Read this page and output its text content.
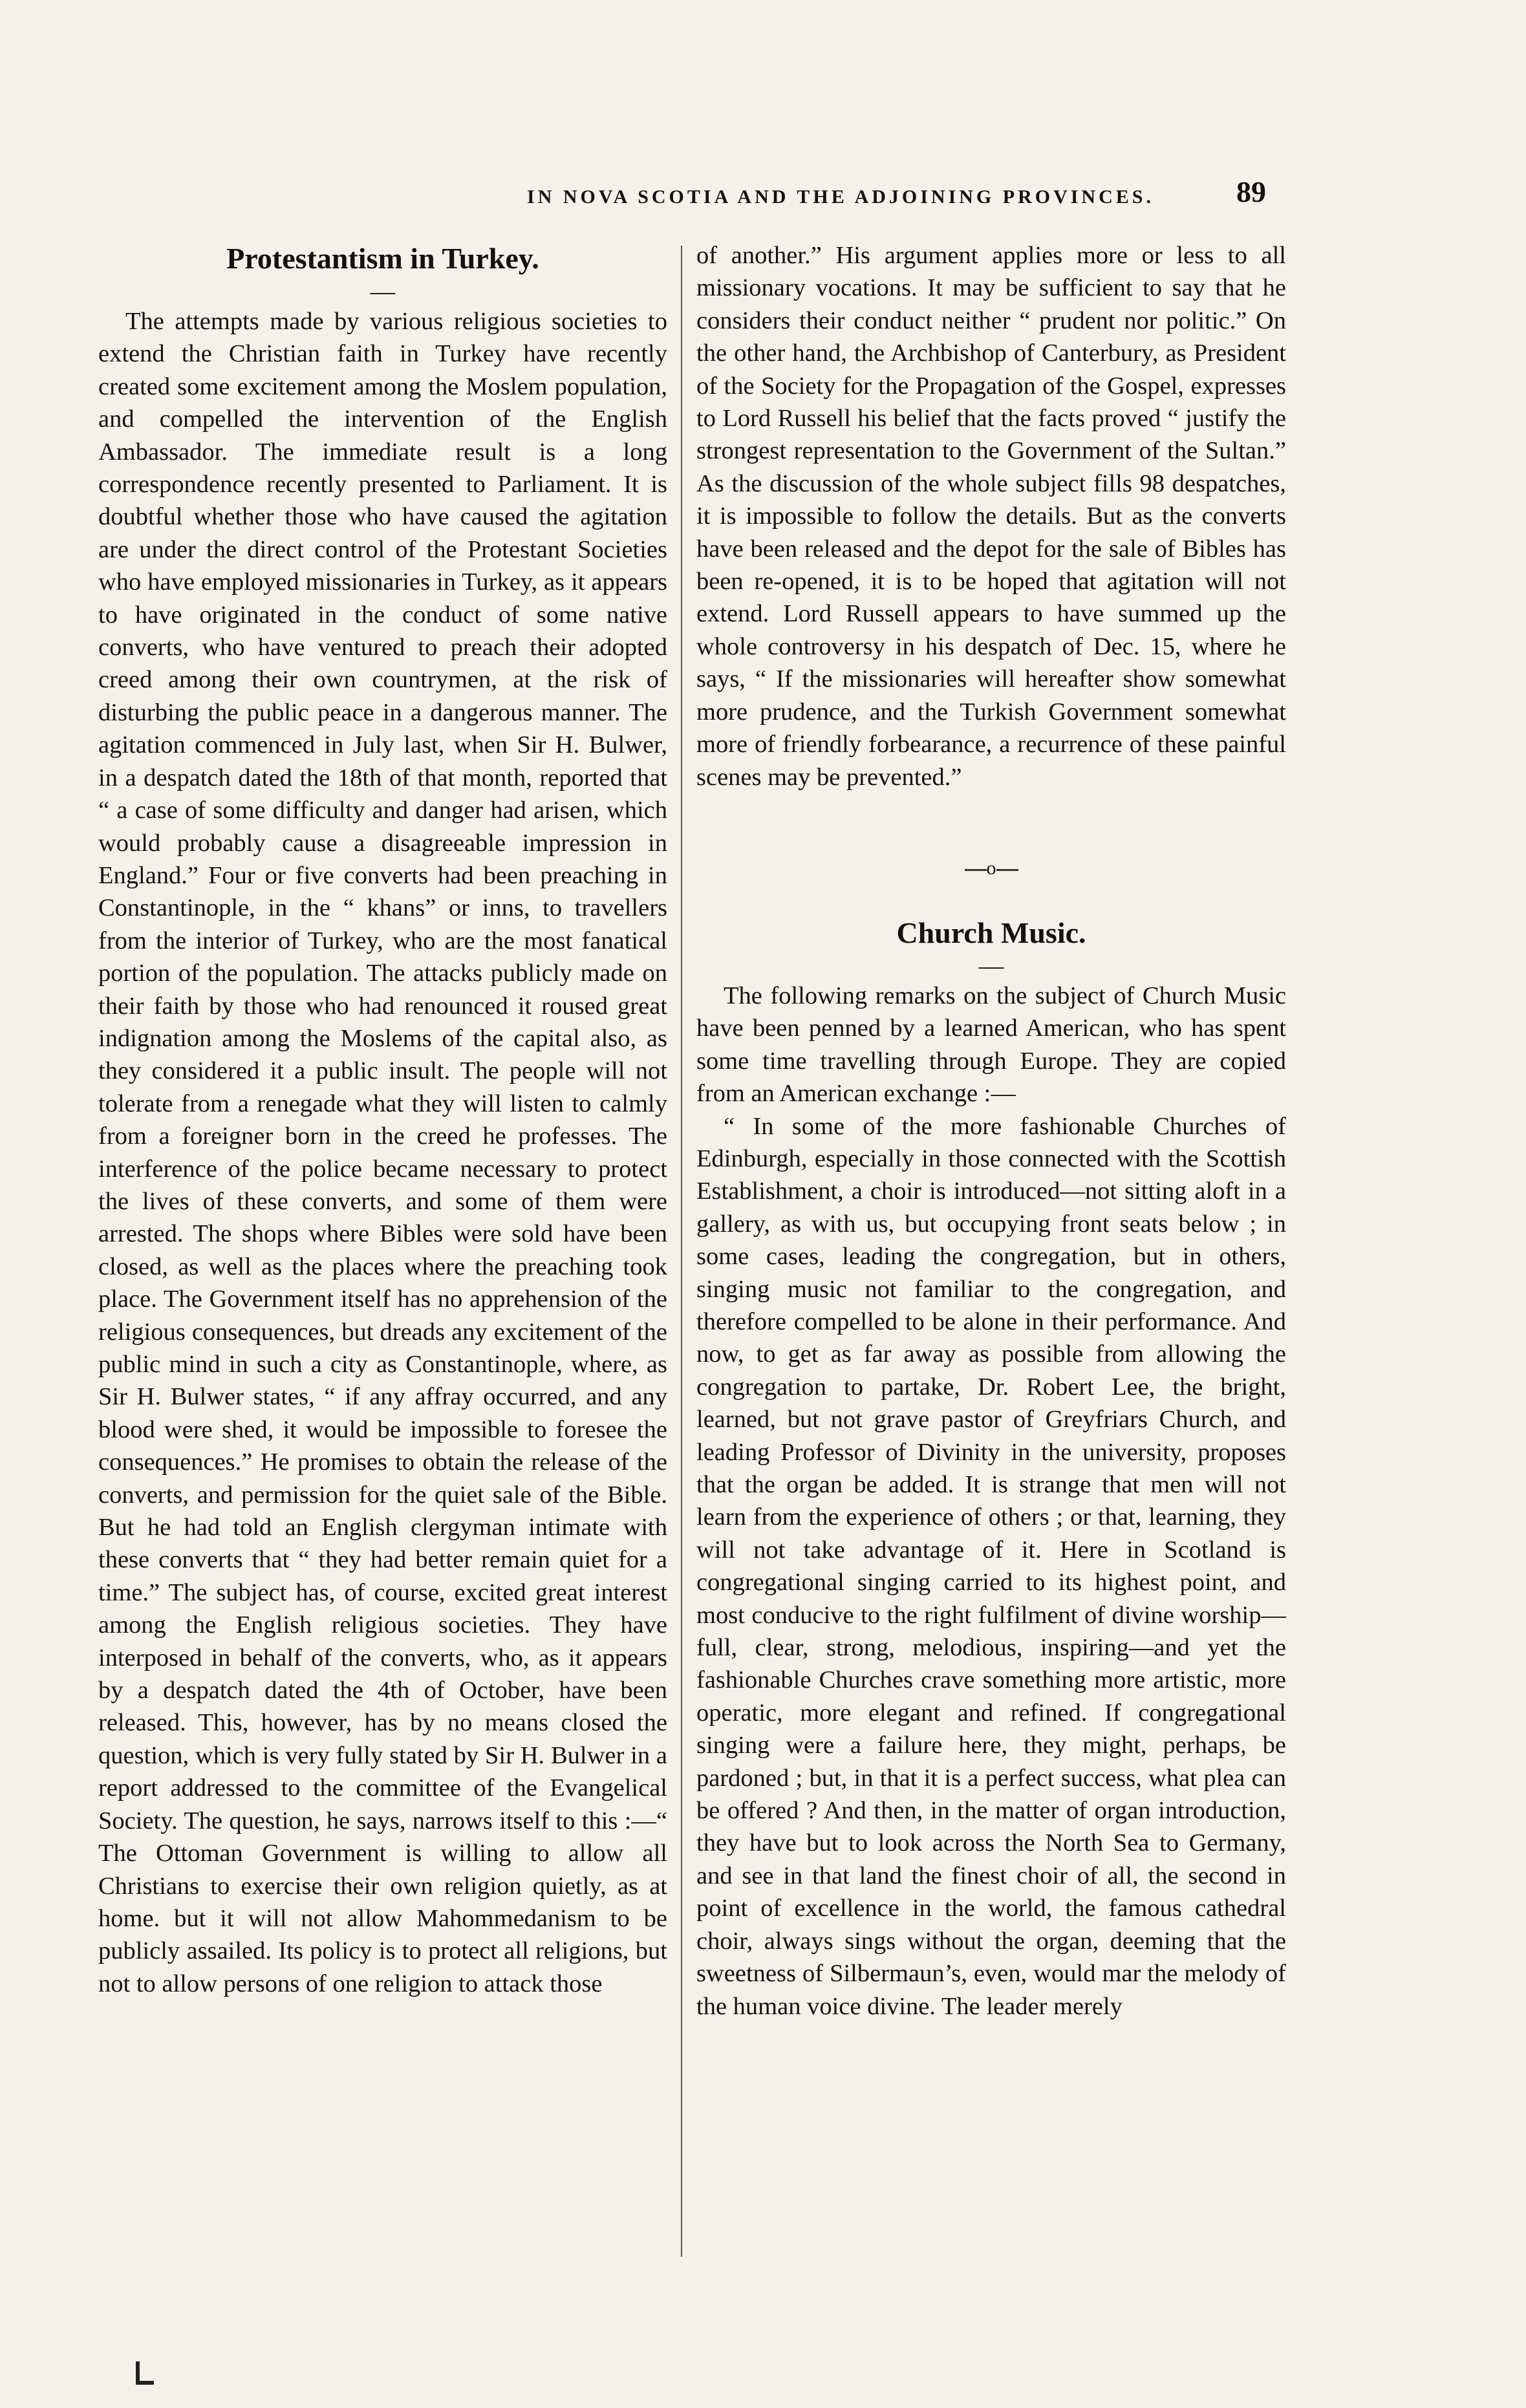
IN NOVA SCOTIA AND THE ADJOINING PROVINCES.	89
Protestantism in Turkey.

—

The attempts made by various religious societies to extend the Christian faith in Turkey have recently created some excitement among the Moslem population, and compelled the intervention of the English Ambassador. The immediate result is a long correspondence recently presented to Parliament. It is doubtful whether those who have caused the agitation are under the direct control of the Protestant Societies who have employed missionaries in Turkey, as it appears to have originated in the conduct of some native converts, who have ventured to preach their adopted creed among their own countrymen, at the risk of disturbing the public peace in a dangerous manner. The agitation commenced in July last, when Sir H. Bulwer, in a despatch dated the 18th of that month, reported that “ a case of some difficulty and danger had arisen, which would probably cause a disagreeable impression in England.” Four or five converts had been preaching in Constantinople, in the “ khans” or inns, to travellers from the interior of Turkey, who are the most fanatical portion of the population. The attacks publicly made on their faith by those who had renounced it roused great indignation among the Moslems of the capital also, as they considered it a public insult. The people will not tolerate from a renegade what they will listen to calmly from a foreigner born in the creed he professes. The interference of the police became necessary to protect the lives of these converts, and some of them were arrested. The shops where Bibles were sold have been closed, as well as the places where the preaching took place. The Government itself has no apprehension of the religious consequences, but dreads any excitement of the public mind in such a city as Constantinople, where, as Sir H. Bulwer states, “ if any affray occurred, and any blood were shed, it would be impossible to foresee the consequences.” He promises to obtain the release of the converts, and permission for the quiet sale of the Bible. But he had told an English clergyman intimate with these converts that “ they had better remain quiet for a time.” The subject has, of course, excited great interest among the English religious societies. They have interposed in behalf of the converts, who, as it appears by a despatch dated the 4th of October, have been released. This, however, has by no means closed the question, which is very fully stated by Sir H. Bulwer in a report addressed to the committee of the Evangelical Society. The question, he says, narrows itself to this :—“ The Ottoman Government is willing to allow all Christians to exercise their own religion quietly, as at home. but it will not allow Mahommedanism to be publicly assailed. Its policy is to protect all religions, but not to allow persons of one religion to attack those

of another.” His argument applies more or less to all missionary vocations. It may be sufficient to say that he considers their conduct neither “ prudent nor politic.” On the other hand, the Archbishop of Canterbury, as President of the Society for the Propagation of the Gospel, expresses to Lord Russell his belief that the facts proved “ justify the strongest representation to the Government of the Sultan.” As the discussion of the whole subject fills 98 despatches, it is impossible to follow the details. But as the converts have been released and the depot for the sale of Bibles has been re-opened, it is to be hoped that agitation will not extend. Lord Russell appears to have summed up the whole controversy in his despatch of Dec. 15, where he says, “ If the missionaries will hereafter show somewhat more prudence, and the Turkish Government somewhat more of friendly forbearance, a recurrence of these painful scenes may be prevented.”

o

Church Music.

—

The following remarks on the subject of Church Music have been penned by a learned American, who has spent some time travelling through Europe. They are copied from an American exchange :—

“ In some of the more fashionable Churches of Edinburgh, especially in those connected with the Scottish Establishment, a choir is introduced—not sitting aloft in a gallery, as with us, but occupying front seats below ; in some cases, leading the congregation, but in others, singing music not familiar to the congregation, and therefore compelled to be alone in their performance. And now, to get as far away as possible from allowing the congregation to partake, Dr. Robert Lee, the bright, learned, but not grave pastor of Greyfriars Church, and leading Professor of Divinity in the university, proposes that the organ be added. It is strange that men will not learn from the experience of others ; or that, learning, they will not take advantage of it. Here in Scotland is congregational singing carried to its highest point, and most conducive to the right fulfilment of divine worship—full, clear, strong, melodious, inspiring—and yet the fashionable Churches crave something more artistic, more operatic, more elegant and refined. If congregational singing were a failure here, they might, perhaps, be pardoned ; but, in that it is a perfect success, what plea can be offered ? And then, in the matter of organ introduction, they have but to look across the North Sea to Germany, and see in that land the finest choir of all, the second in point of excellence in the world, the famous cathedral choir, always sings without the organ, deeming that the sweetness of Silbermaun’s, even, would mar the melody of the human voice divine. The leader merely
